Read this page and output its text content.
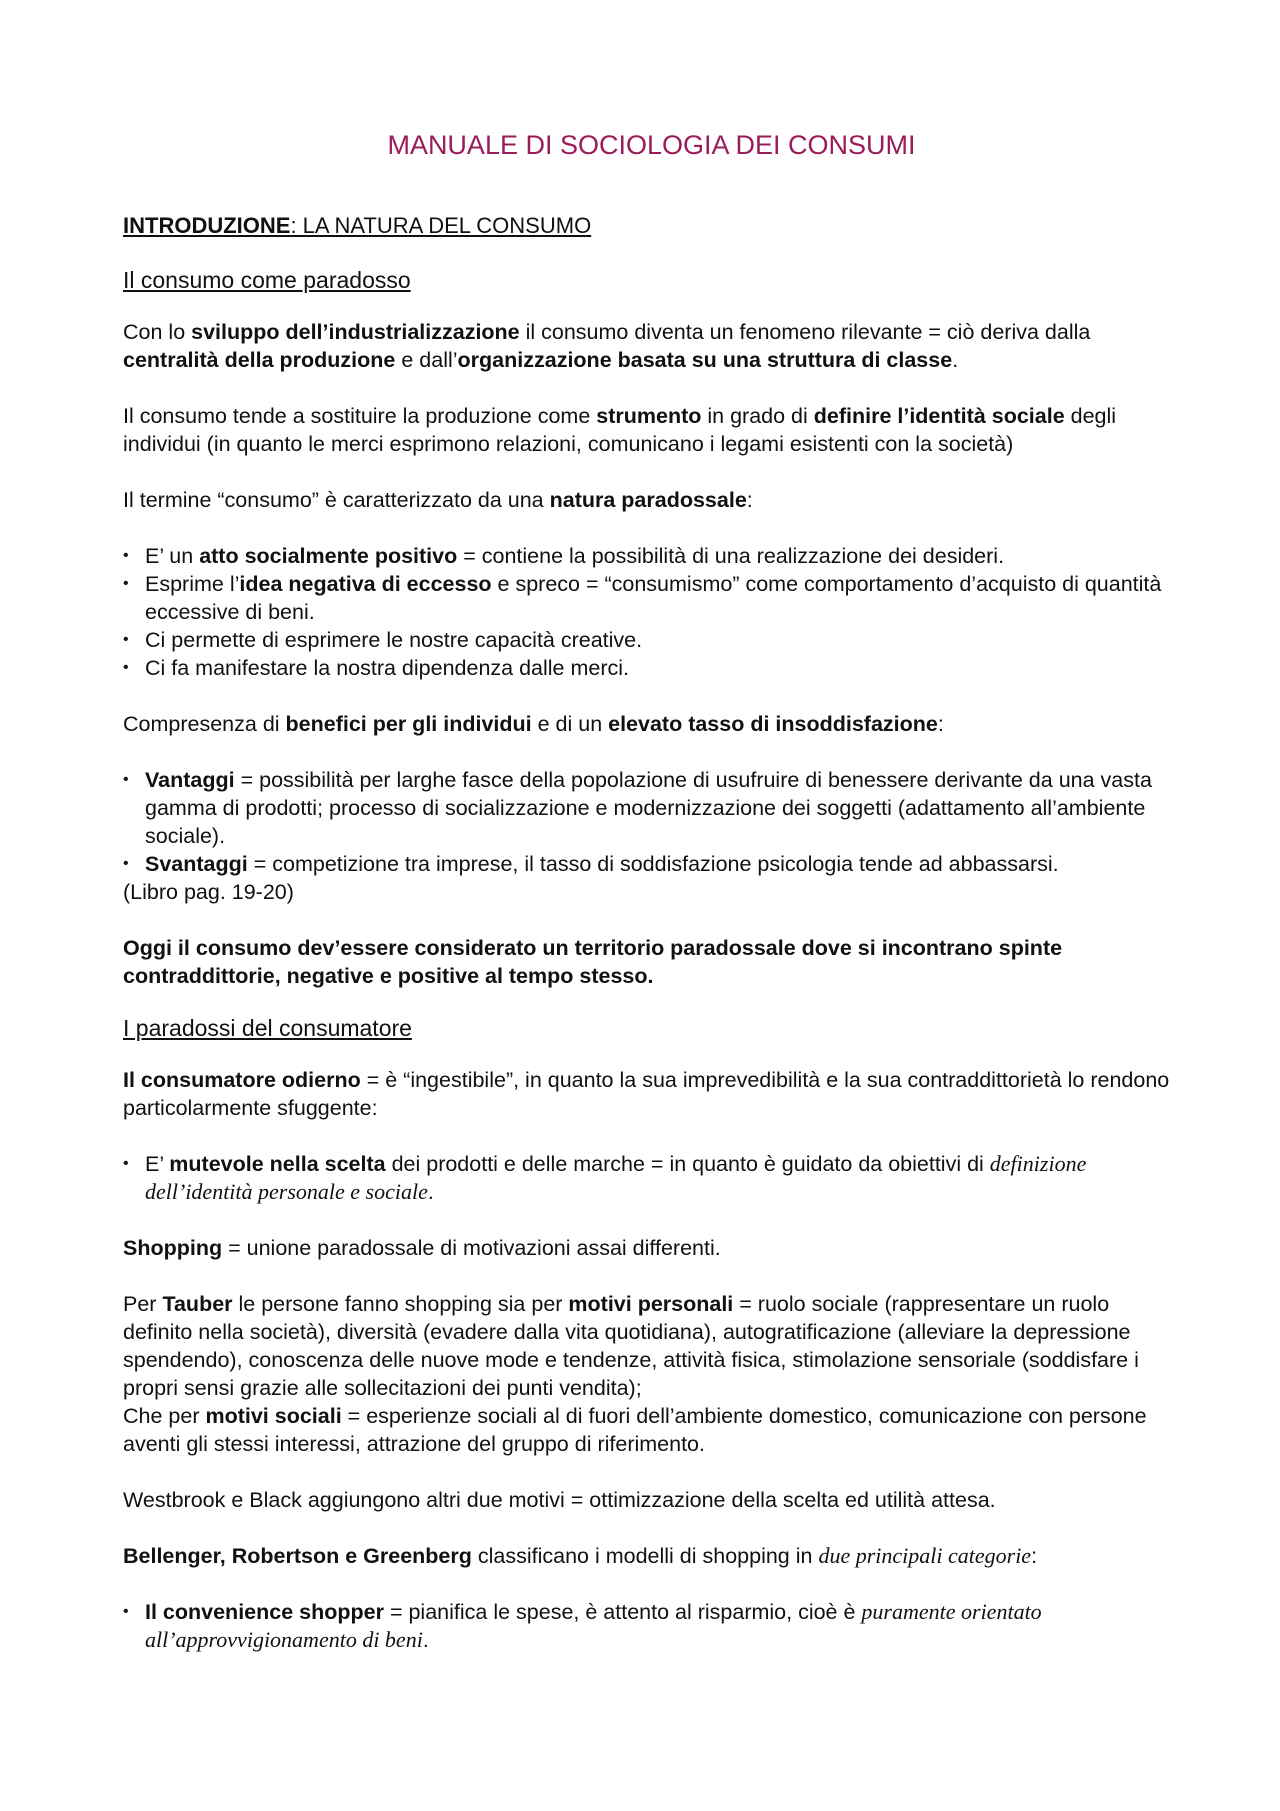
MANUALE DI SOCIOLOGIA DEI CONSUMI
INTRODUZIONE: LA NATURA DEL CONSUMO
Il consumo come paradosso

Con lo sviluppo dell’industrializzazione il consumo diventa un fenomeno rilevante = ciò deriva dalla centralità della produzione e dall’organizzazione basata su una struttura di classe.

Il consumo tende a sostituire la produzione come strumento in grado di definire l’identità sociale degli individui (in quanto le merci esprimono relazioni, comunicano i legami esistenti con la società)

Il termine “consumo” è caratterizzato da una natura paradossale:

• E’ un atto socialmente positivo = contiene la possibilità di una realizzazione dei desideri.
• Esprime l’idea negativa di eccesso e spreco = “consumismo” come comportamento d’acquisto di quantità eccessive di beni.
• Ci permette di esprimere le nostre capacità creative.
• Ci fa manifestare la nostra dipendenza dalle merci.

Compresenza di benefici per gli individui e di un elevato tasso di insoddisfazione:

• Vantaggi = possibilità per larghe fasce della popolazione di usufruire di benessere derivante da una vasta gamma di prodotti; processo di socializzazione e modernizzazione dei soggetti (adattamento all’ambiente sociale).
• Svantaggi = competizione tra imprese, il tasso di soddisfazione psicologia tende ad abbassarsi.

(Libro pag. 19-20)

Oggi il consumo dev’essere considerato un territorio paradossale dove si incontrano spinte contraddittorie, negative e positive al tempo stesso.

I paradossi del consumatore

Il consumatore odierno = è “ingestibile”, in quanto la sua imprevedibilità e la sua contraddittorietà lo rendono particolarmente sfuggente:

• E’ mutevole nella scelta dei prodotti e delle marche = in quanto è guidato da obiettivi di definizione dell’identità personale e sociale.

Shopping = unione paradossale di motivazioni assai differenti.

Per Tauber le persone fanno shopping sia per motivi personali = ruolo sociale (rappresentare un ruolo definito nella società), diversità (evadere dalla vita quotidiana), autogratificazione (alleviare la depressione spendendo), conoscenza delle nuove mode e tendenze, attività fisica, stimolazione sensoriale (soddisfare i propri sensi grazie alle sollecitazioni dei punti vendita);

Che per motivi sociali = esperienze sociali al di fuori dell’ambiente domestico, comunicazione con persone aventi gli stessi interessi, attrazione del gruppo di riferimento.

Westbrook e Black aggiungono altri due motivi = ottimizzazione della scelta ed utilità attesa.

Bellenger, Robertson e Greenberg classificano i modelli di shopping in due principali categorie:

• Il convenience shopper = pianifica le spese, è attento al risparmio, cioè è puramente orientato all’approvvigionamento di beni.
